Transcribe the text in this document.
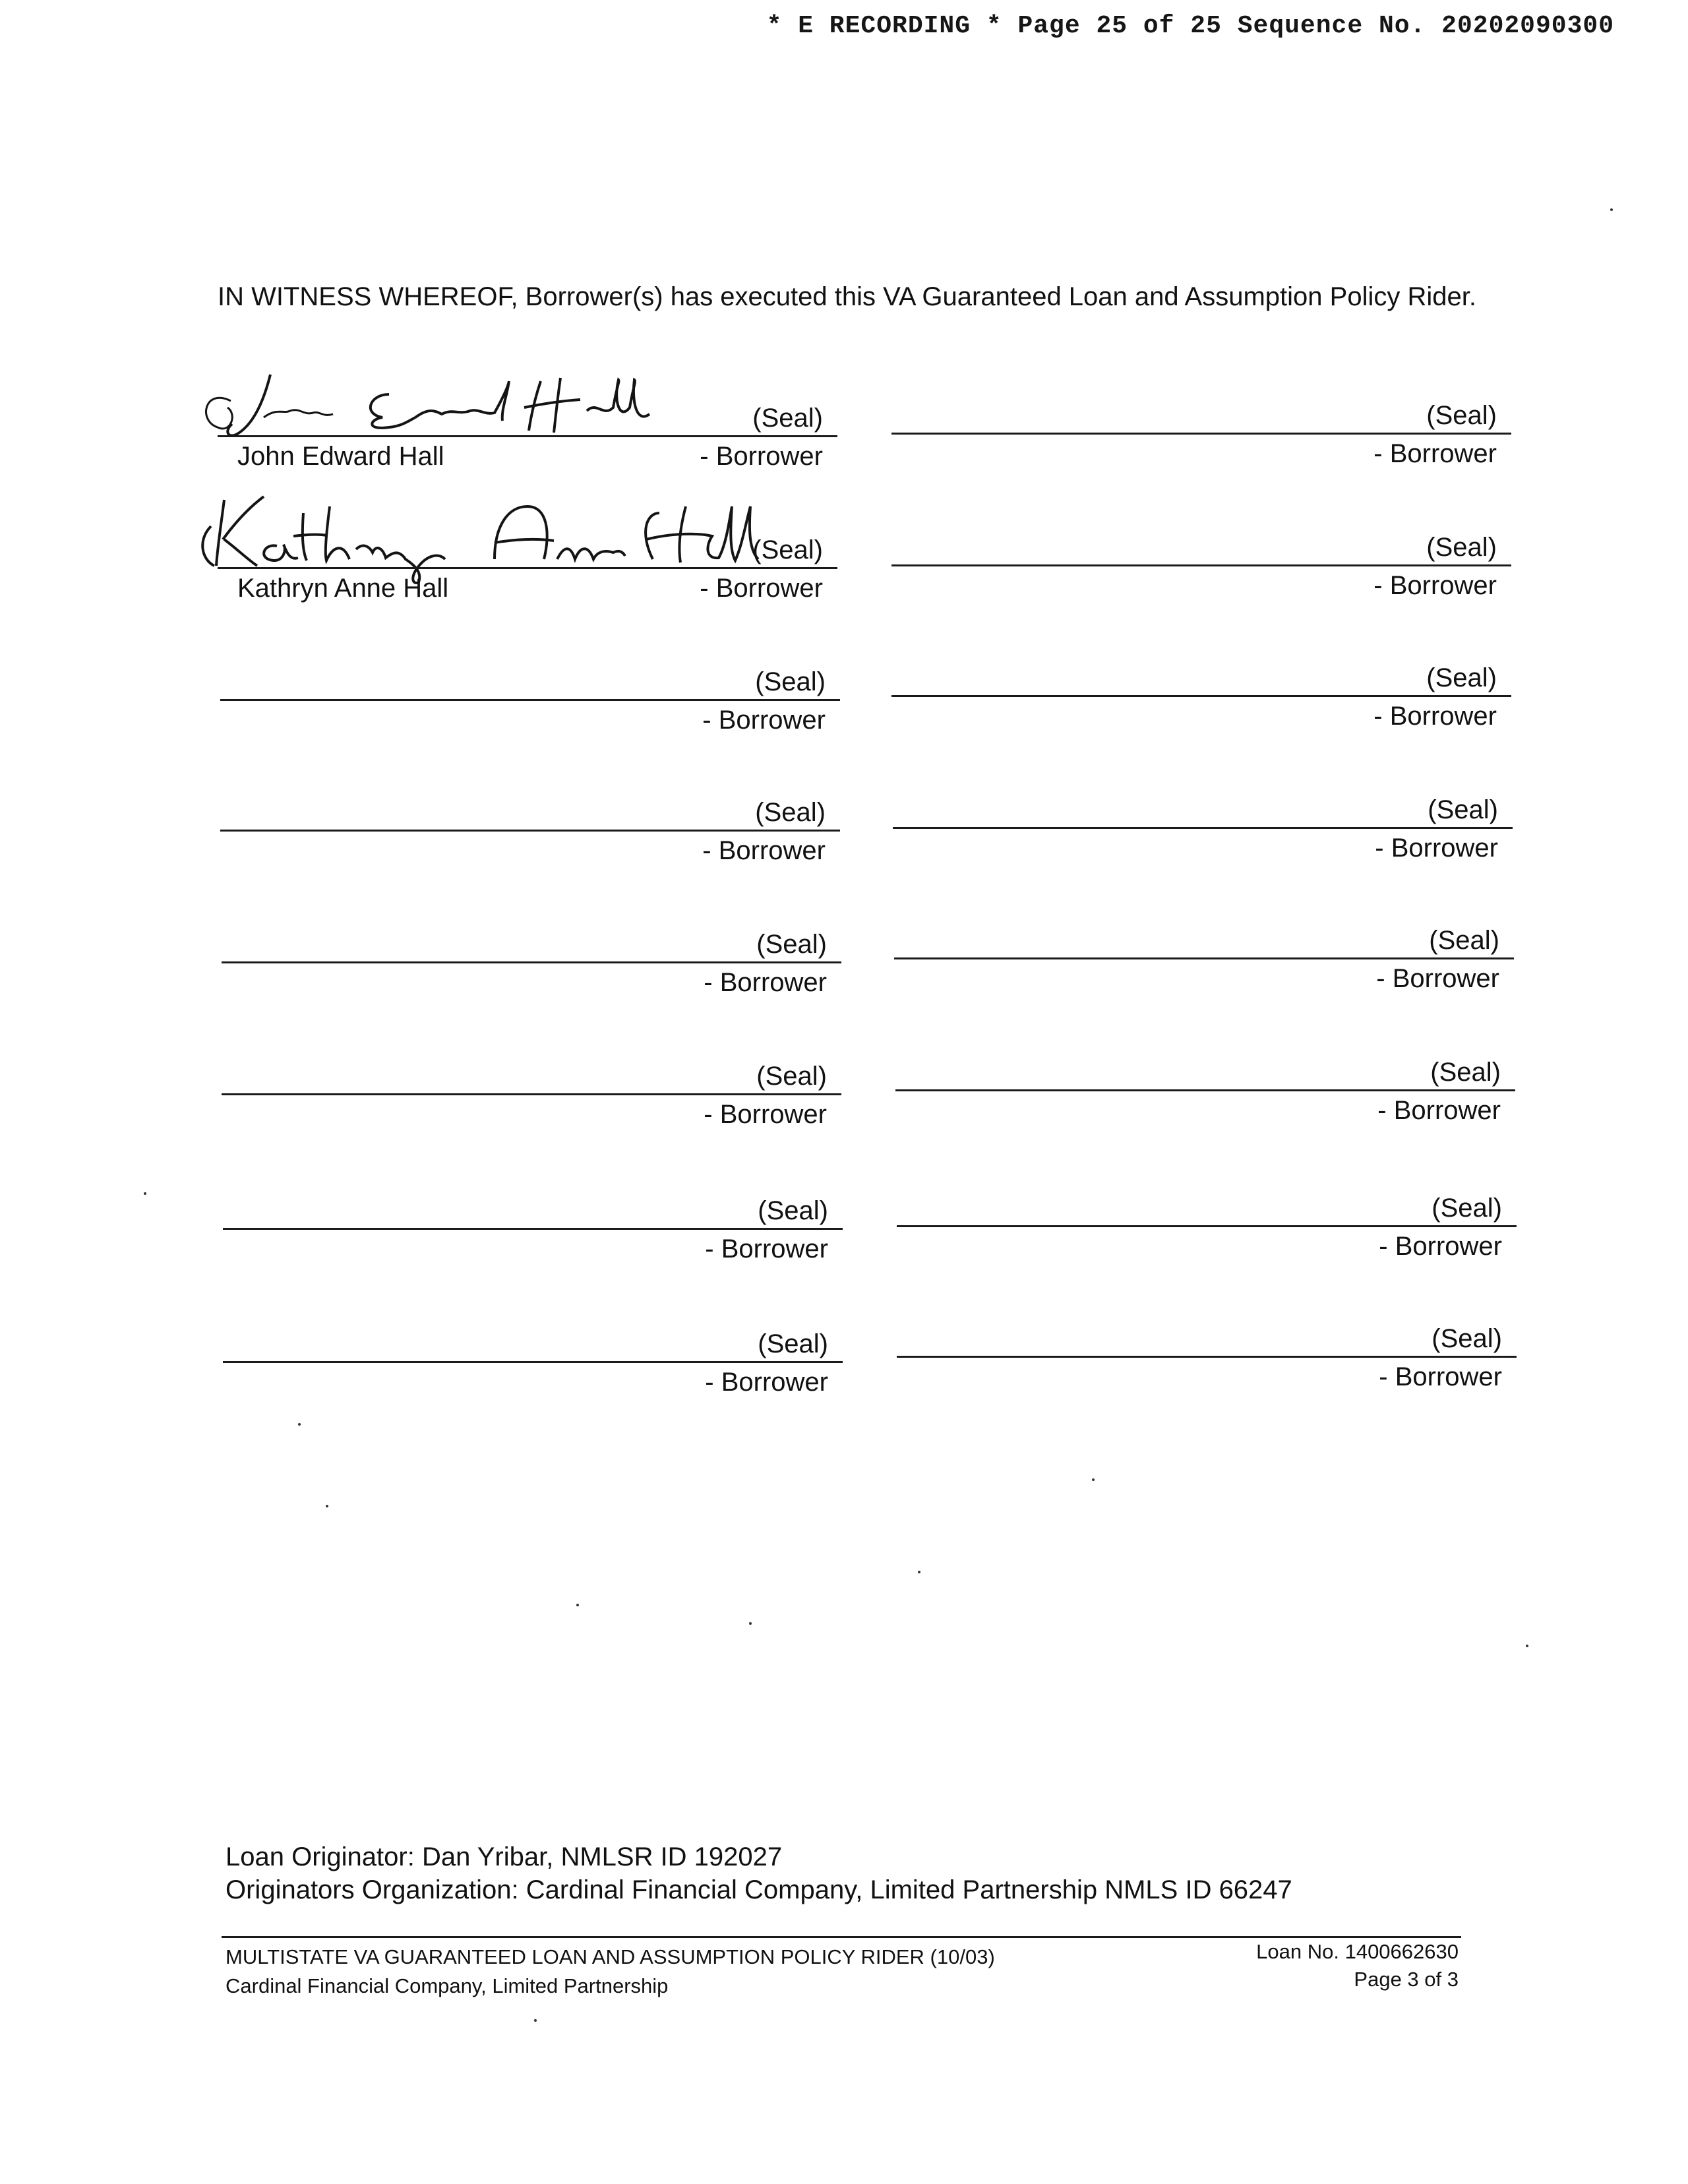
* E RECORDING * Page 25 of 25 Sequence No. 20202090300
IN WITNESS WHEREOF, Borrower(s) has executed this VA Guaranteed Loan and Assumption Policy Rider.
(Seal)
John Edward Hall	- Borrower
(Seal)
- Borrower
(Seal)
Kathryn Anne Hall	- Borrower
(Seal)
- Borrower
(Seal)
- Borrower
(Seal)
- Borrower
(Seal)
- Borrower
(Seal)
- Borrower
(Seal)
- Borrower
(Seal)
- Borrower
(Seal)
- Borrower
(Seal)
- Borrower
(Seal)
- Borrower
(Seal)
- Borrower
(Seal)
- Borrower
(Seal)
- Borrower
Loan Originator: Dan Yribar, NMLSR ID 192027
Originators Organization: Cardinal Financial Company, Limited Partnership NMLS ID 66247
MULTISTATE VA GUARANTEED LOAN AND ASSUMPTION POLICY RIDER (10/03)
Cardinal Financial Company, Limited Partnership
Loan No. 1400662630
Page 3 of 3
